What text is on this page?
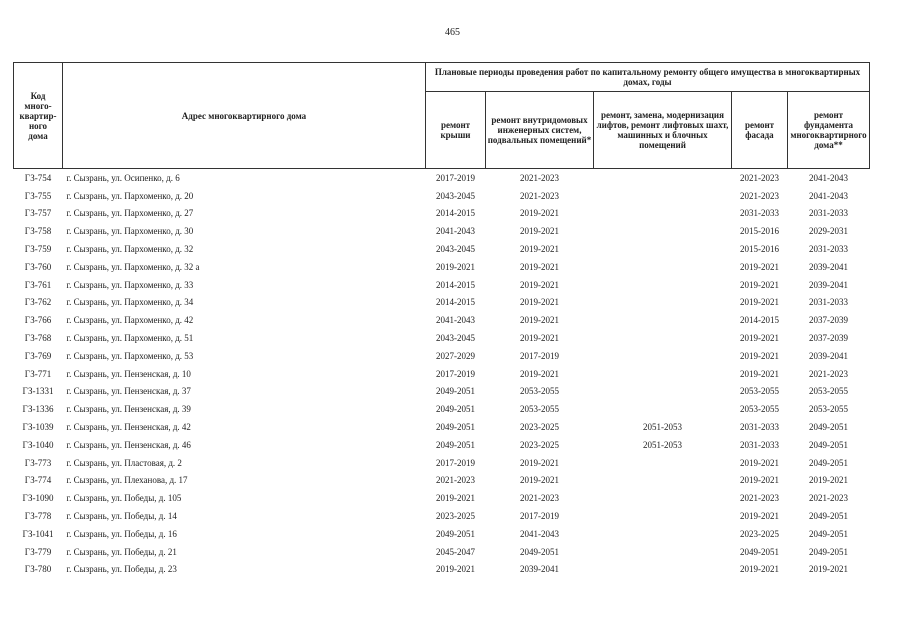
465
Код
много-
квартир-
ного
дома	Адрес многоквартирного дома	Плановые периоды проведения работ по капитальному ремонту общего имущества в многоквартирных домах, годы				
		ремонт крыши	ремонт внутридомовых инженерных систем, подвальных помещений*	ремонт, замена, модернизация лифтов, ремонт лифтовых шахт, машинных и блочных помещений	ремонт фасада	ремонт фундамента многоквартирного дома**
ГЗ-754	г. Сызрань, ул. Осипенко, д. 6	2017-2019	2021-2023		2021-2023	2041-2043
ГЗ-755	г. Сызрань, ул. Пархоменко, д. 20	2043-2045	2021-2023		2021-2023	2041-2043
ГЗ-757	г. Сызрань, ул. Пархоменко, д. 27	2014-2015	2019-2021		2031-2033	2031-2033
ГЗ-758	г. Сызрань, ул. Пархоменко, д. 30	2041-2043	2019-2021		2015-2016	2029-2031
ГЗ-759	г. Сызрань, ул. Пархоменко, д. 32	2043-2045	2019-2021		2015-2016	2031-2033
ГЗ-760	г. Сызрань, ул. Пархоменко, д. 32 а	2019-2021	2019-2021		2019-2021	2039-2041
ГЗ-761	г. Сызрань, ул. Пархоменко, д. 33	2014-2015	2019-2021		2019-2021	2039-2041
ГЗ-762	г. Сызрань, ул. Пархоменко, д. 34	2014-2015	2019-2021		2019-2021	2031-2033
ГЗ-766	г. Сызрань, ул. Пархоменко, д. 42	2041-2043	2019-2021		2014-2015	2037-2039
ГЗ-768	г. Сызрань, ул. Пархоменко, д. 51	2043-2045	2019-2021		2019-2021	2037-2039
ГЗ-769	г. Сызрань, ул. Пархоменко, д. 53	2027-2029	2017-2019		2019-2021	2039-2041
ГЗ-771	г. Сызрань, ул. Пензенская, д. 10	2017-2019	2019-2021		2019-2021	2021-2023
ГЗ-1331	г. Сызрань, ул. Пензенская, д. 37	2049-2051	2053-2055		2053-2055	2053-2055
ГЗ-1336	г. Сызрань, ул. Пензенская, д. 39	2049-2051	2053-2055		2053-2055	2053-2055
ГЗ-1039	г. Сызрань, ул. Пензенская, д. 42	2049-2051	2023-2025	2051-2053	2031-2033	2049-2051
ГЗ-1040	г. Сызрань, ул. Пензенская, д. 46	2049-2051	2023-2025	2051-2053	2031-2033	2049-2051
ГЗ-773	г. Сызрань, ул. Пластовая, д. 2	2017-2019	2019-2021		2019-2021	2049-2051
ГЗ-774	г. Сызрань, ул. Плеханова, д. 17	2021-2023	2019-2021		2019-2021	2019-2021
ГЗ-1090	г. Сызрань, ул. Победы, д. 105	2019-2021	2021-2023		2021-2023	2021-2023
ГЗ-778	г. Сызрань, ул. Победы, д. 14	2023-2025	2017-2019		2019-2021	2049-2051
ГЗ-1041	г. Сызрань, ул. Победы, д. 16	2049-2051	2041-2043		2023-2025	2049-2051
ГЗ-779	г. Сызрань, ул. Победы, д. 21	2045-2047	2049-2051		2049-2051	2049-2051
ГЗ-780	г. Сызрань, ул. Победы, д. 23	2019-2021	2039-2041		2019-2021	2019-2021
